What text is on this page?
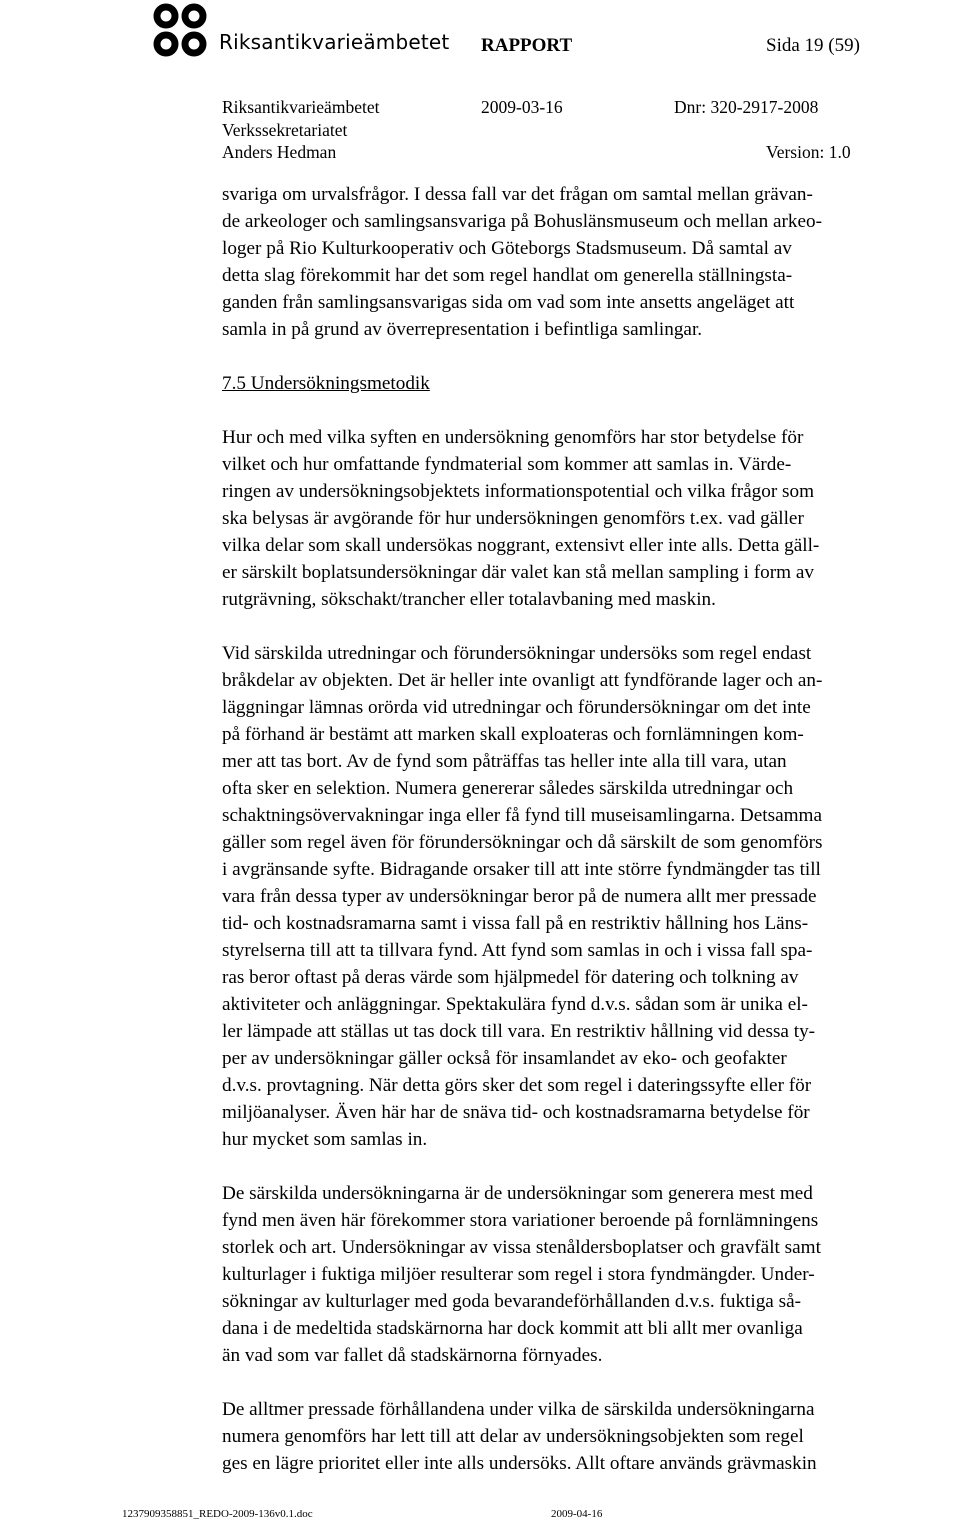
Riksantikvarieämbetet RAPPORT	Sida 19 (59)
Riksantikvarieämbetet	2009-03-16	Dnr: 320-2917-2008
Verkssekretariatet
Anders Hedman	Version: 1.0
svariga om urvalsfrågor. I dessa fall var det frågan om samtal mellan grävan-
de arkeologer och samlingsansvariga på Bohuslänsmuseum och mellan arkeo-
loger på Rio Kulturkooperativ och Göteborgs Stadsmuseum. Då samtal av
detta slag förekommit har det som regel handlat om generella ställningsta-
ganden från samlingsansvarigas sida om vad som inte ansetts angeläget att
samla in på grund av överrepresentation i befintliga samlingar.
7.5 Undersökningsmetodik
Hur och med vilka syften en undersökning genomförs har stor betydelse för
vilket och hur omfattande fyndmaterial som kommer att samlas in. Värde-
ringen av undersökningsobjektets informationspotential och vilka frågor som
ska belysas är avgörande för hur undersökningen genomförs t.ex. vad gäller
vilka delar som skall undersökas noggrant, extensivt eller inte alls. Detta gäll-
er särskilt boplatsundersökningar där valet kan stå mellan sampling i form av
rutgrävning, sökschakt/trancher eller totalavbaning med maskin.
Vid särskilda utredningar och förundersökningar undersöks som regel endast
bråkdelar av objekten. Det är heller inte ovanligt att fyndförande lager och an-
läggningar lämnas orörda vid utredningar och förundersökningar om det inte
på förhand är bestämt att marken skall exploateras och fornlämningen kom-
mer att tas bort. Av de fynd som påträffas tas heller inte alla till vara, utan
ofta sker en selektion. Numera genererar således särskilda utredningar och
schaktningsövervakningar inga eller få fynd till museisamlingarna. Detsamma
gäller som regel även för förundersökningar och då särskilt de som genomförs
i avgränsande syfte. Bidragande orsaker till att inte större fyndmängder tas till
vara från dessa typer av undersökningar beror på de numera allt mer pressade
tid- och kostnadsramarna samt i vissa fall på en restriktiv hållning hos Läns-
styrelserna till att ta tillvara fynd. Att fynd som samlas in och i vissa fall spa-
ras beror oftast på deras värde som hjälpmedel för datering och tolkning av
aktiviteter och anläggningar. Spektakulära fynd d.v.s. sådan som är unika el-
ler lämpade att ställas ut tas dock till vara. En restriktiv hållning vid dessa ty-
per av undersökningar gäller också för insamlandet av eko- och geofakter
d.v.s. provtagning. När detta görs sker det som regel i dateringssyfte eller för
miljöanalyser. Även här har de snäva tid- och kostnadsramarna betydelse för
hur mycket som samlas in.
De särskilda undersökningarna är de undersökningar som generera mest med
fynd men även här förekommer stora variationer beroende på fornlämningens
storlek och art. Undersökningar av vissa stenåldersboplatser och gravfält samt
kulturlager i fuktiga miljöer resulterar som regel i stora fyndmängder. Under-
sökningar av kulturlager med goda bevarandeförhållanden d.v.s. fuktiga så-
dana i de medeltida stadskärnorna har dock kommit att bli allt mer ovanliga
än vad som var fallet då stadskärnorna förnyades.
De alltmer pressade förhållandena under vilka de särskilda undersökningarna
numera genomförs har lett till att delar av undersökningsobjekten som regel
ges en lägre prioritet eller inte alls undersöks. Allt oftare används grävmaskin
1237909358851_REDO-2009-136v0.1.doc	2009-04-16
